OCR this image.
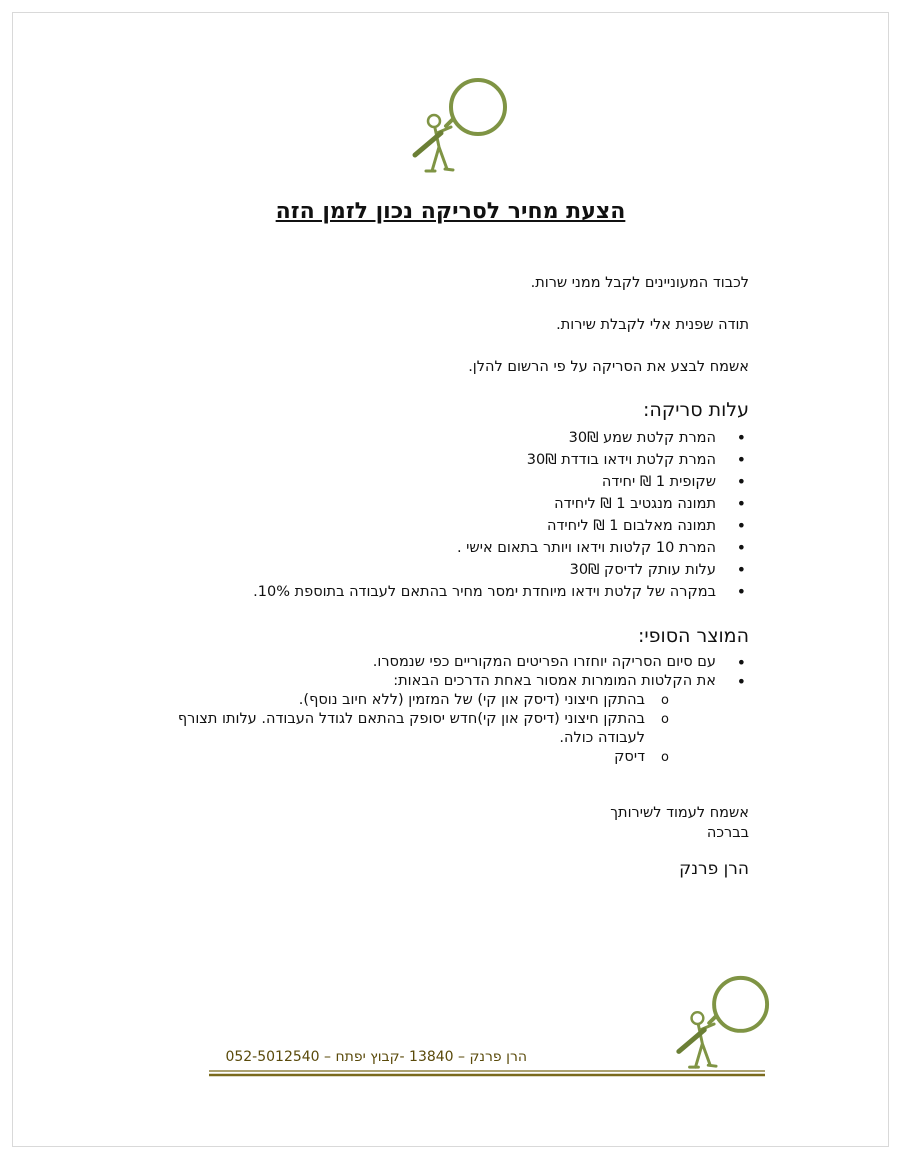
הצעת מחיר לסריקה נכון לזמן הזה
לכבוד המעוניינים לקבל ממני שרות.
תודה שפנית אלי לקבלת שירות.
אשמח לבצע את הסריקה על פי הרשום להלן.
עלות סריקה:
• המרת קלטת שמע 30₪
• המרת קלטת וידאו בודדת 30₪
• שקופית 1 ₪ יחידה
• תמונה מנגטיב 1 ₪ ליחידה
• תמונה מאלבום 1 ₪ ליחידה
• המרת 10 קלטות וידאו ויותר בתאום אישי .
• עלות עותק לדיסק 30₪
• במקרה של קלטת וידאו מיוחדת ימסר מחיר בהתאם לעבודה בתוספת 10%.
המוצר הסופי:
• עם סיום הסריקה יוחזרו הפריטים המקוריים כפי שנמסרו.
• את הקלטות המומרות אמסור באחת הדרכים הבאות:
o בהתקן חיצוני (דיסק און קי) של המזמין (ללא חיוב נוסף).
o בהתקן חיצוני (דיסק און קי)חדש יסופק בהתאם לגודל העבודה. עלותו תצורף לעבודה כולה.
o דיסק
אשמח לעמוד לשירותך
בברכה
הרן פרנק
הרן פרנק – 13840 -קבוץ יפתח – 052-5012540
